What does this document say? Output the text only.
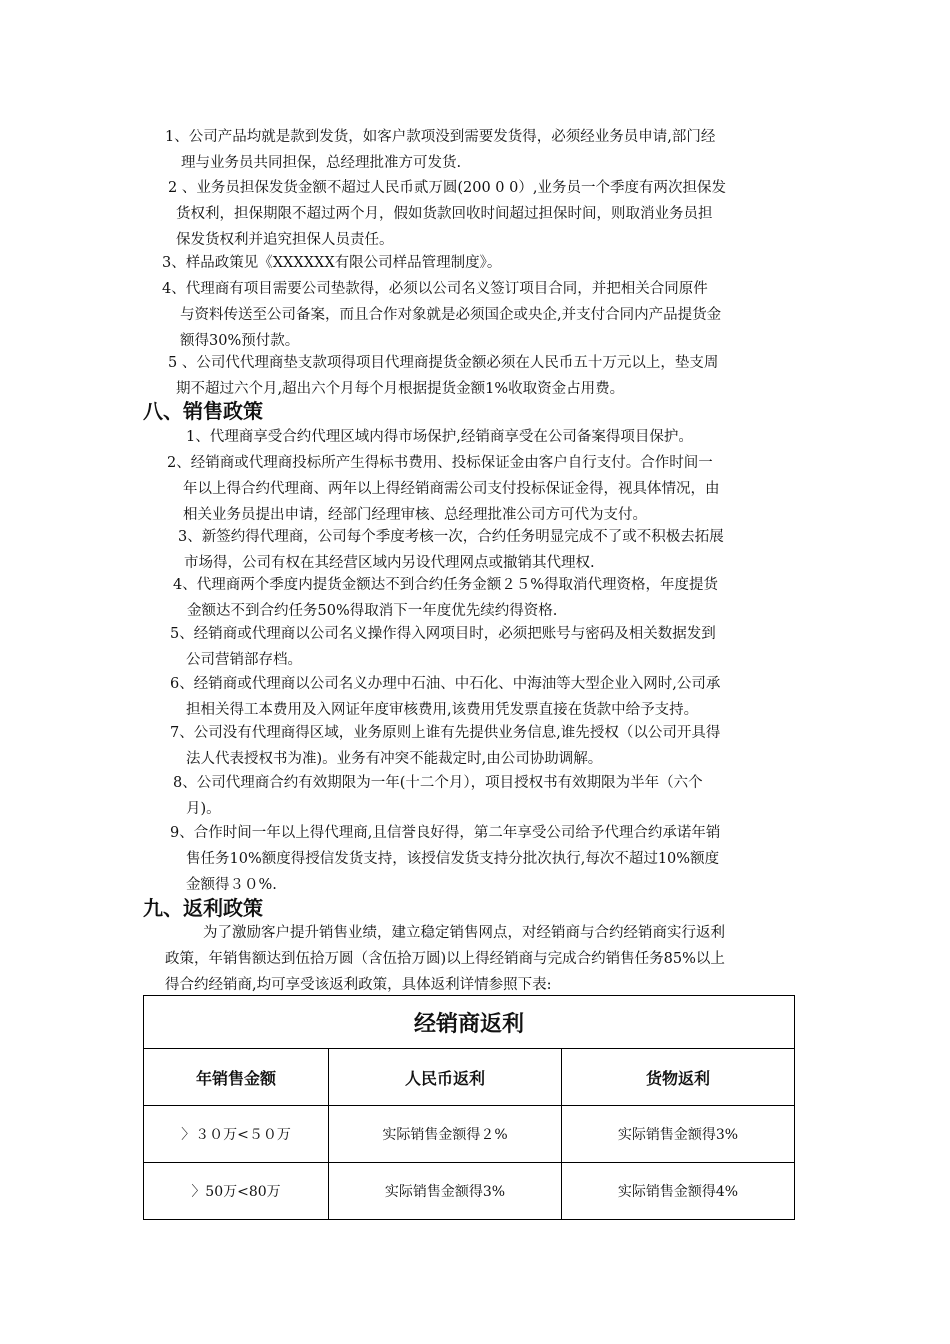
1、公司产品均就是款到发货，如客户款项没到需要发货得，必须经业务员申请,部门经
理与业务员共同担保，总经理批准方可发货.
2 、业务员担保发货金额不超过人民币贰万圆(200 0 0）,业务员一个季度有两次担保发
货权利，担保期限不超过两个月，假如货款回收时间超过担保时间，则取消业务员担
保发货权利并追究担保人员责任。
3、样品政策见《XXXXXX有限公司样品管理制度》。
4、代理商有项目需要公司垫款得，必须以公司名义签订项目合同，并把相关合同原件
与资料传送至公司备案，而且合作对象就是必须国企或央企,并支付合同内产品提货金
额得30%预付款。
5 、公司代代理商垫支款项得项目代理商提货金额必须在人民币五十万元以上，垫支周
期不超过六个月,超出六个月每个月根据提货金额1%收取资金占用费。
八、销售政策
1、代理商享受合约代理区域内得市场保护,经销商享受在公司备案得项目保护。
2、经销商或代理商投标所产生得标书费用、投标保证金由客户自行支付。合作时间一
年以上得合约代理商、两年以上得经销商需公司支付投标保证金得，视具体情况，由
相关业务员提出申请，经部门经理审核、总经理批准公司方可代为支付。
3、新签约得代理商，公司每个季度考核一次，合约任务明显完成不了或不积极去拓展
市场得，公司有权在其经营区域内另设代理网点或撤销其代理权.
4、代理商两个季度内提货金额达不到合约任务金额２５%得取消代理资格，年度提货
金额达不到合约任务50%得取消下一年度优先续约得资格.
5、经销商或代理商以公司名义操作得入网项目时，必须把账号与密码及相关数据发到
公司营销部存档。
6、经销商或代理商以公司名义办理中石油、中石化、中海油等大型企业入网时,公司承
担相关得工本费用及入网证年度审核费用,该费用凭发票直接在货款中给予支持。
7、公司没有代理商得区域，业务原则上谁有先提供业务信息,谁先授权（以公司开具得
法人代表授权书为准)。业务有冲突不能裁定时,由公司协助调解。
8、公司代理商合约有效期限为一年(十二个月），项目授权书有效期限为半年（六个
月)。
9、合作时间一年以上得代理商,且信誉良好得，第二年享受公司给予代理合约承诺年销
售任务10%额度得授信发货支持，该授信发货支持分批次执行,每次不超过10%额度
金额得３０%.
九、返利政策
为了激励客户提升销售业绩，建立稳定销售网点，对经销商与合约经销商实行返利
政策，年销售额达到伍拾万圆（含伍拾万圆)以上得经销商与完成合约销售任务85%以上
得合约经销商,均可享受该返利政策，具体返利详情参照下表:
经销商返利		
年销售金额	人民币返利	货物返利
〉３０万<５０万	实际销售金额得２%	实际销售金额得3%
〉50万<80万	实际销售金额得3%	实际销售金额得4%
